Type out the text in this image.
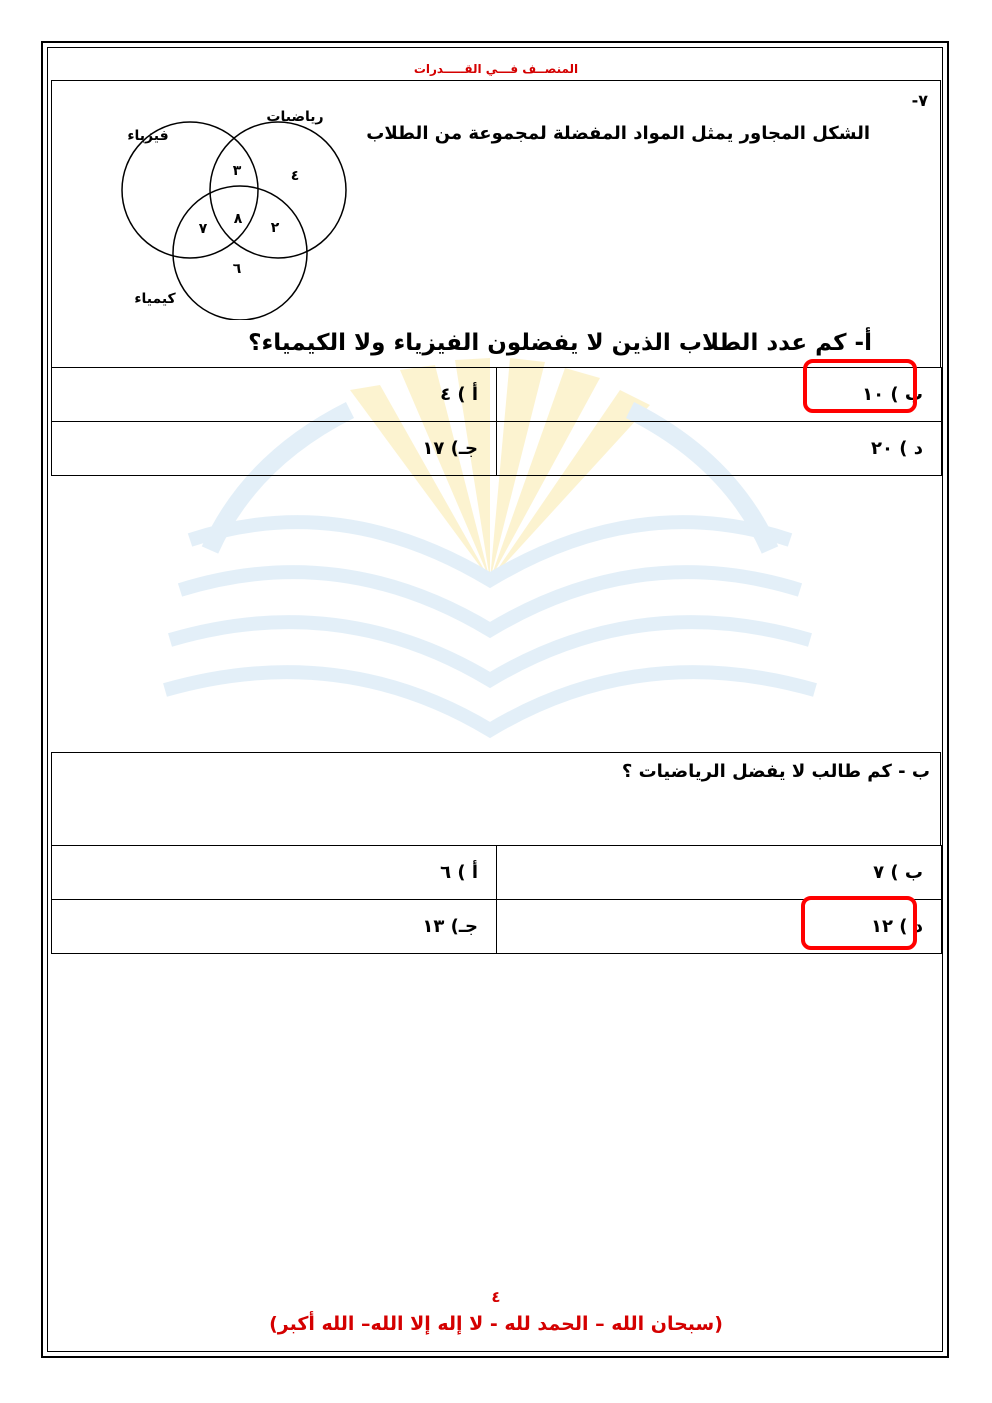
المنصــف فـــي القـــــدرات
٧-
الشكل المجاور يمثل المواد المفضلة لمجموعة من الطلاب
فيزياء
رياضيات
كيمياء
٣	٤
٧
٨
٢
٦
أ- كم عدد الطلاب الذين لا يفضلون الفيزياء ولا الكيمياء؟
أ ) ٤	ب ) ١٠
جـ) ١٧	د ) ٢٠
ب - كم طالب لا يفضل الرياضيات ؟
أ ) ٦	ب ) ٧
جـ) ١٣	د ) ١٢
٤
(سبحان الله – الحمد لله - لا إله إلا الله– الله أكبر)
